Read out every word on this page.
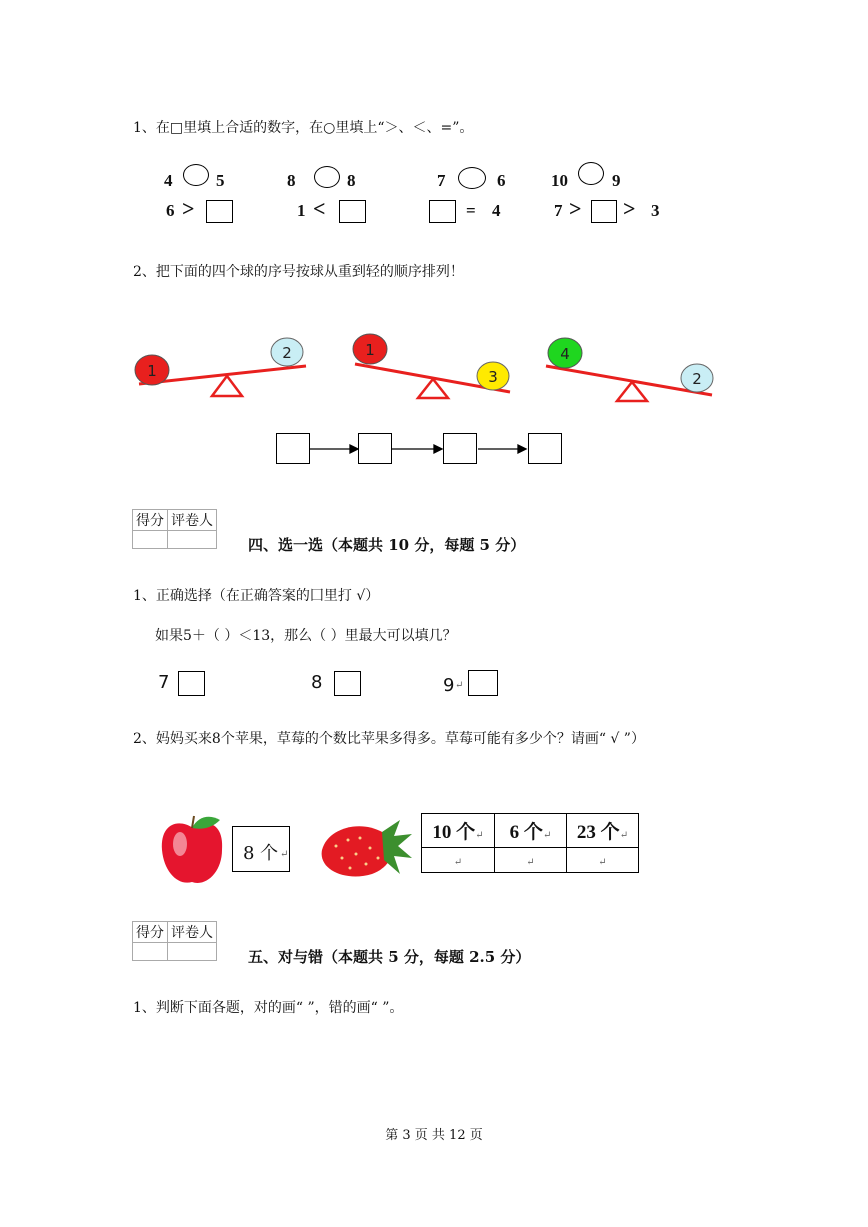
1、在□里填上合适的数字，在○里填上“＞、＜、=”。
4	5	8	8	7	6	10	9
6 >	1 <	= 4	7 > > 3
2、把下面的四个球的序号按球从重到轻的顺序排列！
1
2	1
3
4
2
得分	评卷人

四、选一选（本题共 10 分，每题 5 分）
1、正确选择（在正确答案的囗里打 √）
如果5＋（ ）＜13，那么（ ）里最大可以填几？
7	8	9 ↵
2、妈妈买来8个苹果，草莓的个数比苹果多得多。草莓可能有多少个？请画“ √ ”）
8 个 ↵
10 个↵	6 个↵	23 个↵
↵	↵	↵
得分	评卷人

五、对与错（本题共 5 分，每题 2.5 分）
1、判断下面各题，对的画“ ”，错的画“ ”。
第 3 页 共 12 页
